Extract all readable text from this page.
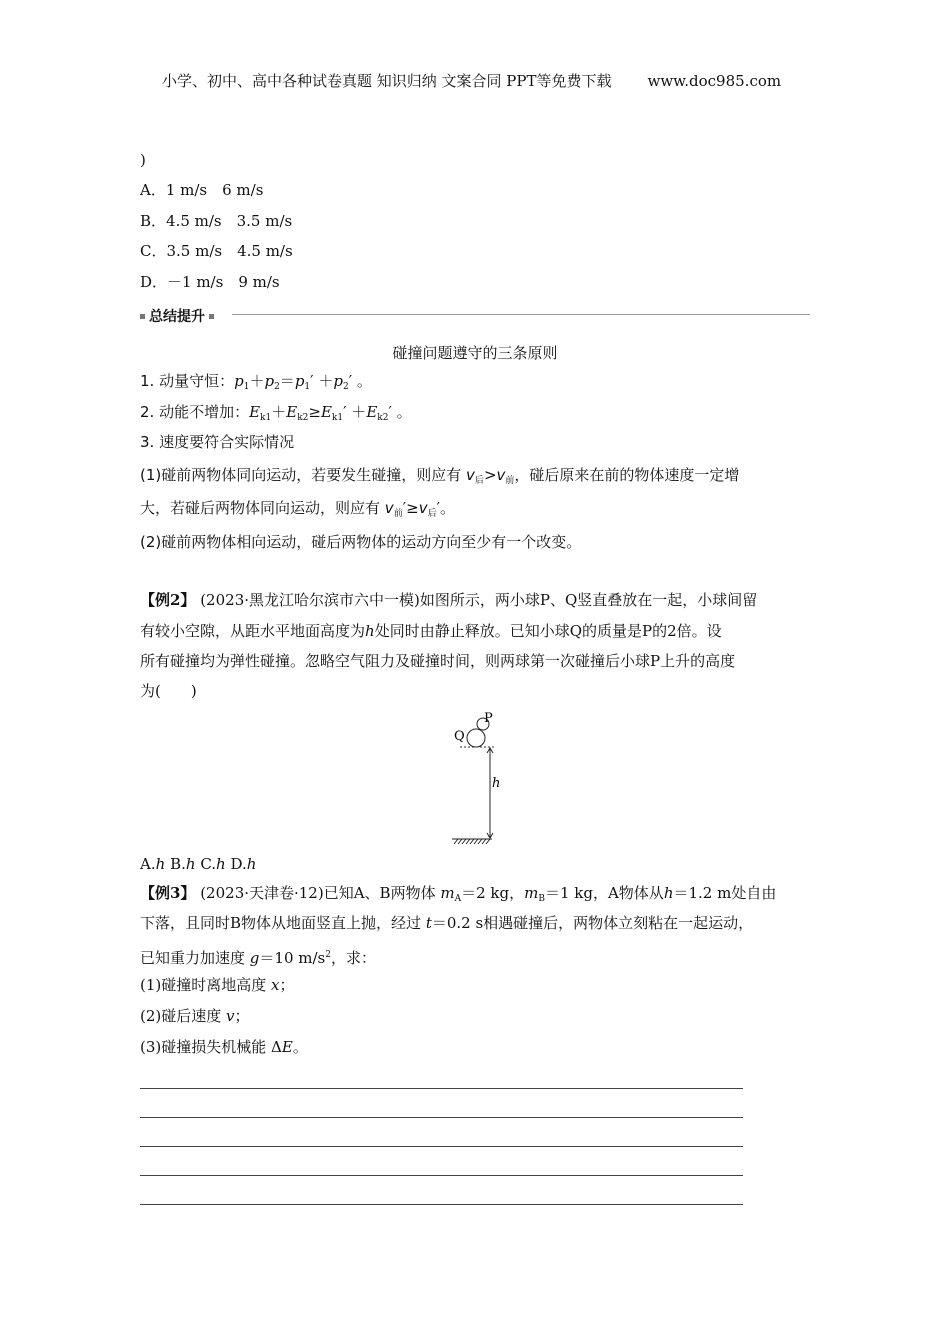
小学、初中、高中各种试卷真题 知识归纳 文案合同 PPT等免费下载 www.doc985.com
)
A．1 m/s　6 m/s
B．4.5 m/s　3.5 m/s
C．3.5 m/s　4.5 m/s
D．－1 m/s　9 m/s
总结提升
碰撞问题遵守的三条原则
1. 动量守恒：$p_1+p_2=p_1' +p_2'$ 。
2. 动能不增加：$E_{k1}+E_{k2}\ge E_{k1}' +E_{k2}'$ 。
3. 速度要符合实际情况
(1)碰前两物体同向运动，若要发生碰撞，则应有 $v_后>v_前$，碰后原来在前的物体速度一定增
大，若碰后两物体同向运动，则应有 $v_前'\ge v_后'$。
(2)碰前两物体相向运动，碰后两物体的运动方向至少有一个改变。
【例2】 (2023·黑龙江哈尔滨市六中一模)如图所示，两小球P、Q竖直叠放在一起，小球间留
有较小空隙，从距水平地面高度为h处同时由静止释放。已知小球Q的质量是P的2倍。设
所有碰撞均为弹性碰撞。忽略空气阻力及碰撞时间，则两球第一次碰撞后小球P上升的高度
为(　　)
P
Q
h
A.h B.h C.h D.h
【例3】 (2023·天津卷·12)已知A、B两物体 $m_A=2$ kg，$m_B=1$ kg，A物体从h＝1.2 m处自由
下落，且同时B物体从地面竖直上抛，经过 t＝0.2 s相遇碰撞后，两物体立刻粘在一起运动，
已知重力加速度 g＝10 $m/s^2$，求：
(1)碰撞时离地高度 x；
(2)碰后速度 v；
(3)碰撞损失机械能 ΔE。
